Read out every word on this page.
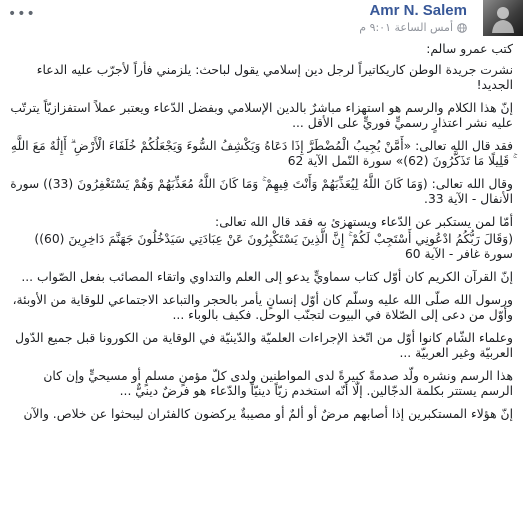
Amr N. Salem
أمس الساعة ٩:٠١ م
•••

كتب عمرو سالم:

نشرت جريدة الوطن كاريكاتيراً لرجل دين إسلامي يقول لباحث: يلزمني فأراً لأجرّب عليه الدعاء الجديد!

إنّ هذا الكلام والرسم هو استهزاء مباشرٌ بالدين الإسلامي وبفضل الدّعاء ويعتبر عملاً استفزازيّاً يترتّب عليه نشر اعتذارٍ رسميٍّ فوريٍّ على الأقل ...

فقد قال الله تعالى: «أَمَّنْ يُجِيبُ الْمُضْطَرَّ إِذَا دَعَاهُ وَيَكْشِفُ السُّوءَ وَيَجْعَلُكُمْ خُلَفَاءَ الْأَرْضِ ۗ أَإِلَٰهٌ مَعَ اللَّهِ ۚ قَلِيلًا مَا تَذَكَّرُونَ (62)» سورة النّمل الآية 62

وقال الله تعالى: (وَمَا كَانَ اللَّهُ لِيُعَذِّبَهُمْ وَأَنْتَ فِيهِمْ ۚ وَمَا كَانَ اللَّهُ مُعَذِّبَهُمْ وَهُمْ يَسْتَغْفِرُونَ (33)) سورة الأنفال - الآية 33.

أمّا لمن يستكبر عن الدّعاء ويستهزئ به فقد قال الله تعالى:

(وَقَالَ رَبُّكُمُ ادْعُونِي أَسْتَجِبْ لَكُمْ ۚ إِنَّ الَّذِينَ يَسْتَكْبِرُونَ عَنْ عِبَادَتِي سَيَدْخُلُونَ جَهَنَّمَ دَاخِرِينَ (60)) سورة غافر - الآية 60

إنّ القرآن الكريم كان أوّل كتاب سماويٍّ يدعو إلى العلم والتداوي واتقاء المصائب بفعل الصّواب ...

ورسول الله صلّى الله عليه وسلّم كان أوّل إنسانٍ يأمر بالحجر والتباعد الاجتماعي للوقاية من الأوبئة، وأوّل من دعى إلى الصّلاة في البيوت لتجنّب الوحل. فكيف بالوباء ...

وعلماء الشّام كانوا أوّل من اتّخذ الإجراءات العلميّة والدّينيّة في الوقاية من الكورونا قبل جميع الدّول العربيّة وغير العربيّة ...

هذا الرسم ونشره ولّد صدمةً كبيرةً لدى المواطنين ولدى كلّ مؤمنٍ مسلمٍ أو مسيحيٍّ وإن كان الرسم يستتر بكلمة الدجّالين. إلّا أنّه استخدم زيّاً دينيّاً والدّعاء هو فرضٌ دينيٌّ ...

إنّ هؤلاء المستكبرين إذا أصابهم مرضٌ أو ألمٌ أو مصيبةٌ يركضون كالفئران ليبحثوا عن خلاص. والآن
